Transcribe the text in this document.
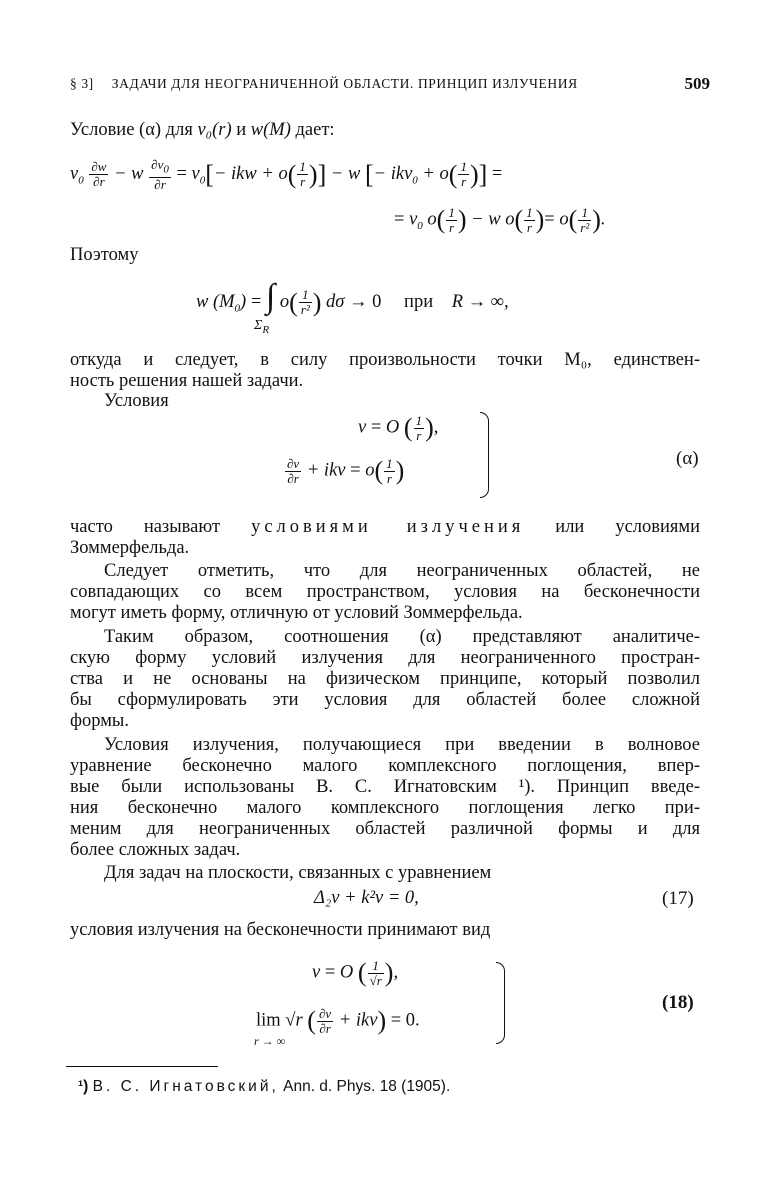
§ 3] ЗАДАЧИ ДЛЯ НЕОГРАНИЧЕННОЙ ОБЛАСТИ. ПРИНЦИП ИЗЛУЧЕНИЯ	509
Условие (α) для v₀(r) и w(M) дает:
$v_0 \frac{\partial w}{\partial r} - w \frac{\partial v_0}{\partial r} = v_0[-$ ikw + $o( \frac{1}{r}$ )] − w [− $ikv_0 + o( \frac{1}{r}$ )] =
= $v_0$ $o( \frac{1}{r}$ ) − w $o( \frac{1}{r}$ )= $o( \frac{1}{\text{r²}}$ ).
Поэтому
w $(M_0)$ = ∫ $o( \frac{1}{\text{r²}}$ ) dσ → 0 при R → ∞,
$\Sigma_R$
откуда и следует, в силу произвольности точки M₀, единствен-
ность решения нашей задачи.
Условия
v = O ( $\frac{1}{r}$ ),
$\frac{\partial v}{\partial r}$ + ikv = $o( \frac{1}{r}$ )	(α)
часто называют условиями излучения или условиями
Зоммерфельда.
Следует отметить, что для неограниченных областей, не
совпадающих со всем пространством, условия на бесконечности
могут иметь форму, отличную от условий Зоммерфельда.
Таким образом, соотношения (α) представляют аналитиче-
скую форму условий излучения для неограниченного простран-
ства и не основаны на физическом принципе, который позволил
бы сформулировать эти условия для областей более сложной
формы.
Условия излучения, получающиеся при введении в волновое
уравнение бесконечно малого комплексного поглощения, впер-
вые были использованы В. С. Игнатовским ¹). Принцип введе-
ния бесконечно малого комплексного поглощения легко при-
меним для неограниченных областей различной формы и для
более сложных задач.
Для задач на плоскости, связанных с уравнением
Δ₂v + k²v = 0,	(17)
условия излучения на бесконечности принимают вид
v = O ( $\frac{1}{√r}$ ),
lim √r ( $\frac{\partial v}{\partial r} + ikv) = 0$.
r → ∞
(18)
¹) В. С. Игнатовский, Ann. d. Phys. 18 (1905).
